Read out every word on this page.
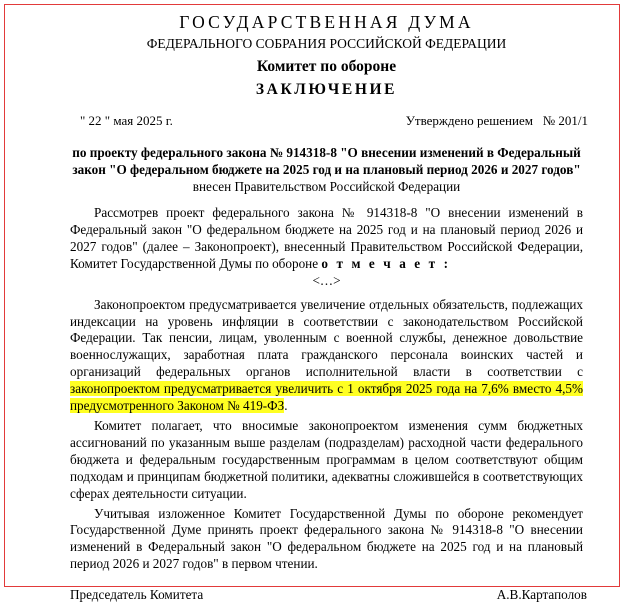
ГОСУДАРСТВЕННАЯ ДУМА
ФЕДЕРАЛЬНОГО СОБРАНИЯ РОССИЙСКОЙ ФЕДЕРАЦИИ
Комитет по обороне
ЗАКЛЮЧЕНИЕ
" 22 " мая 2025 г.	Утверждено решением   № 201/1
по проекту федерального закона № 914318-8 "О внесении изменений в Федеральный закон "О федеральном бюджете на 2025 год и на плановый период 2026 и 2027 годов"
внесен Правительством Российской Федерации

Рассмотрев проект федерального закона № 914318-8 "О внесении изменений в Федеральный закон "О федеральном бюджете на 2025 год и на плановый период 2026 и 2027 годов" (далее – Законопроект), внесенный Правительством Российской Федерации, Комитет Государственной Думы по обороне о т м е ч а е т :

<…>

Законопроектом предусматривается увеличение отдельных обязательств, подлежащих индексации на уровень инфляции в соответствии с законодательством Российской Федерации. Так пенсии, лицам, уволенным с военной службы, денежное довольствие военнослужащих, заработная плата гражданского персонала воинских частей и организаций федеральных органов исполнительной власти в соответствии с законопроектом предусматривается увеличить с 1 октября 2025 года на 7,6% вместо 4,5% предусмотренного Законом № 419-ФЗ.

Комитет полагает, что вносимые законопроектом изменения сумм бюджетных ассигнований по указанным выше разделам (подразделам) расходной части федерального бюджета и федеральным государственным программам в целом соответствуют общим подходам и принципам бюджетной политики, адекватны сложившейся в соответствующих сферах деятельности ситуации.

Учитывая изложенное Комитет Государственной Думы по обороне рекомендует Государственной Думе принять проект федерального закона № 914318-8 "О внесении изменений в Федеральный закон "О федеральном бюджете на 2025 год и на плановый период 2026 и 2027 годов" в первом чтении.

Председатель Комитета	А.В.Картаполов
